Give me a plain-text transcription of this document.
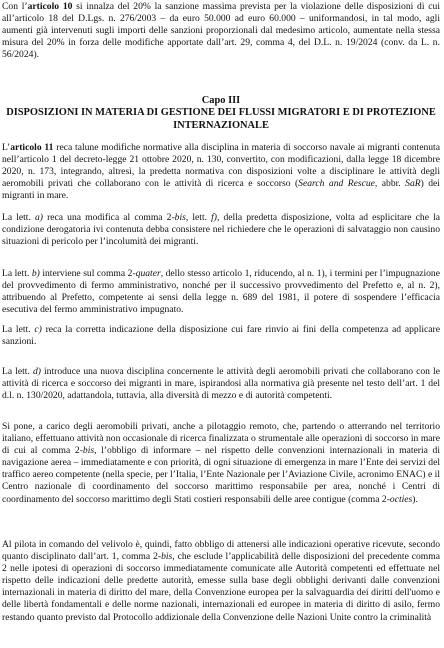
Con l’articolo 10 si innalza del 20% la sanzione massima prevista per la violazione delle disposizioni di cui all’articolo 18 del D.Lgs. n. 276/2003 – da euro 50.000 ad euro 60.000 – uniformandosi, in tal modo, agli aumenti già intervenuti sugli importi delle sanzioni proporzionali dal medesimo articolo, aumentate nella stessa misura del 20% in forza delle modifiche apportate dall’art. 29, comma 4, del D.L. n. 19/2024 (conv. da L. n. 56/2024).

Capo III

DISPOSIZIONI IN MATERIA DI GESTIONE DEI FLUSSI MIGRATORI E DI PROTEZIONE INTERNAZIONALE

L’articolo 11 reca talune modifiche normative alla disciplina in materia di soccorso navale ai migranti contenuta nell’articolo 1 del decreto-legge 21 ottobre 2020, n. 130, convertito, con modificazioni, dalla legge 18 dicembre 2020, n. 173, integrando, altresì, la predetta normativa con disposizioni volte a disciplinare le attività degli aeromobili privati che collaborano con le attività di ricerca e soccorso (Search and Rescue, abbr. SaR) dei migranti in mare.

La lett. a) reca una modifica al comma 2-bis, lett. f), della predetta disposizione, volta ad esplicitare che la condizione derogatoria ivi contenuta debba consistere nel richiedere che le operazioni di salvataggio non causino situazioni di pericolo per l’incolumità dei migranti.

La lett. b) interviene sul comma 2-quater, dello stesso articolo 1, riducendo, al n. 1), i termini per l’impugnazione del provvedimento di fermo amministrativo, nonché per il successivo provvedimento del Prefetto e, al n. 2), attribuendo al Prefetto, competente ai sensi della legge n. 689 del 1981, il potere di sospendere l’efficacia esecutiva del fermo amministrativo impugnato.

La lett. c) reca la corretta indicazione della disposizione cui fare rinvio ai fini della competenza ad applicare sanzioni.

La lett. d) introduce una nuova disciplina concernente le attività degli aeromobili privati che collaborano con le attività di ricerca e soccorso dei migranti in mare, ispirandosi alla normativa già presente nel testo dell’art. 1 del d.l. n. 130/2020, adattandola, tuttavia, alla diversità di mezzo e di autorità competenti.

Si pone, a carico degli aeromobili privati, anche a pilotaggio remoto, che, partendo o atterrando nel territorio italiano, effettuano attività non occasionale di ricerca finalizzata o strumentale alle operazioni di soccorso in mare di cui al comma 2-bis, l’obbligo di informare – nel rispetto delle convenzioni internazionali in materia di navigazione aerea – immediatamente e con priorità, di ogni situazione di emergenza in mare l’Ente dei servizi del traffico aereo competente (nella specie, per l’Italia, l’Ente Nazionale per l’Aviazione Civile, acronimo ENAC) e il Centro nazionale di coordinamento del soccorso marittimo responsabile per area, nonché i Centri di coordinamento del soccorso marittimo degli Stati costieri responsabili delle aree contigue (comma 2-octies).

Al pilota in comando del velivolo è, quindi, fatto obbligo di attenersi alle indicazioni operative ricevute, secondo quanto disciplinato dall’art. 1, comma 2-bis, che esclude l’applicabilità delle disposizioni del precedente comma 2 nelle ipotesi di operazioni di soccorso immediatamente comunicate alle Autorità competenti ed effettuate nel rispetto delle indicazioni delle predette autorità, emesse sulla base degli obblighi derivanti dalle convenzioni internazionali in materia di diritto del mare, della Convenzione europea per la salvaguardia dei diritti dell'uomo e delle libertà fondamentali e delle norme nazionali, internazionali ed europee in materia di diritto di asilo, fermo restando quanto previsto dal Protocollo addizionale della Convenzione delle Nazioni Unite contro la criminalità
